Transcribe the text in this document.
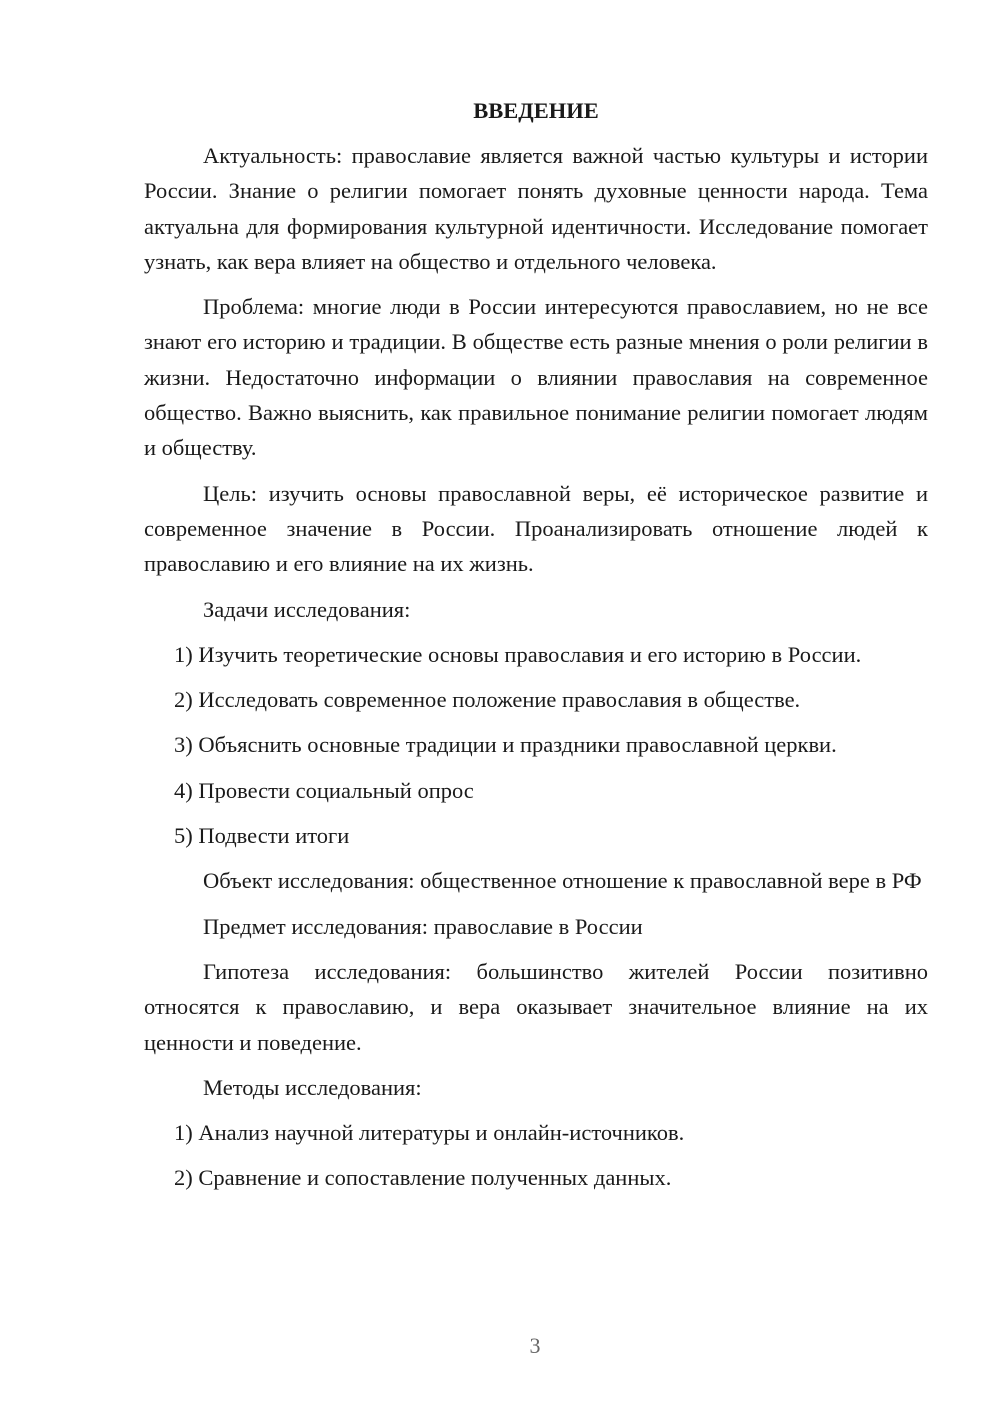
ВВЕДЕНИЕ

Актуальность: православие является важной частью культуры и истории России. Знание о религии помогает понять духовные ценности народа. Тема актуальна для формирования культурной идентичности. Исследование помогает узнать, как вера влияет на общество и отдельного человека.

Проблема: многие люди в России интересуются православием, но не все знают его историю и традиции. В обществе есть разные мнения о роли религии в жизни. Недостаточно информации о влиянии православия на современное общество. Важно выяснить, как правильное понимание религии помогает людям и обществу.

Цель: изучить основы православной веры, её историческое развитие и современное значение в России. Проанализировать отношение людей к православию и его влияние на их жизнь.

Задачи исследования:

1) Изучить теоретические основы православия и его историю в России.

2) Исследовать современное положение православия в обществе.

3) Объяснить основные традиции и праздники православной церкви.

4) Провести социальный опрос

5) Подвести итоги

Объект исследования: общественное отношение к православной вере в РФ

Предмет исследования: православие в России

Гипотеза исследования: большинство жителей России позитивно относятся к православию, и вера оказывает значительное влияние на их ценности и поведение.

Методы исследования:

1) Анализ научной литературы и онлайн-источников.

2) Сравнение и сопоставление полученных данных.

3
